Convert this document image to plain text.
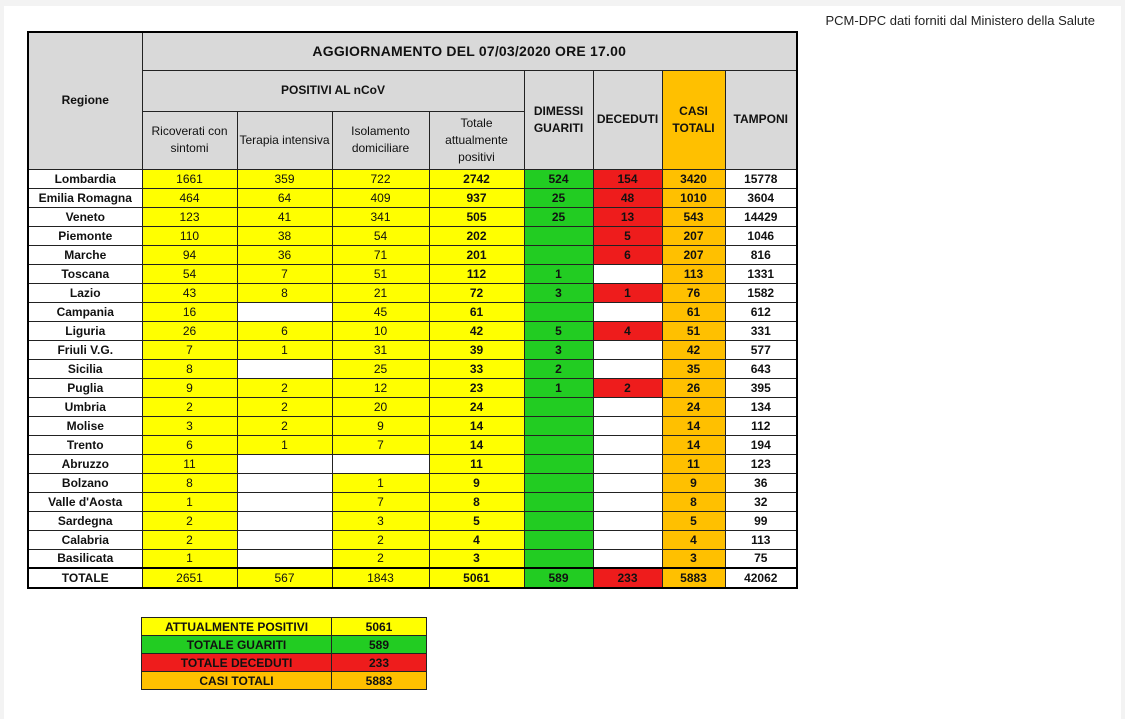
PCM-DPC dati forniti dal Ministero della Salute
Regione	AGGIORNAMENTO DEL 07/03/2020 ORE 17.00							
	POSITIVI AL nCoV				DIMESSI GUARITI	DECEDUTI	CASI TOTALI	TAMPONI
	Ricoverati con sintomi	Terapia intensiva	Isolamento domiciliare	Totale attualmente positivi				
Lombardia	1661	359	722	2742	524	154	3420	15778
Emilia Romagna	464	64	409	937	25	48	1010	3604
Veneto	123	41	341	505	25	13	543	14429
Piemonte	110	38	54	202		5	207	1046
Marche	94	36	71	201		6	207	816
Toscana	54	7	51	112	1		113	1331
Lazio	43	8	21	72	3	1	76	1582
Campania	16		45	61			61	612
Liguria	26	6	10	42	5	4	51	331
Friuli V.G.	7	1	31	39	3		42	577
Sicilia	8		25	33	2		35	643
Puglia	9	2	12	23	1	2	26	395
Umbria	2	2	20	24			24	134
Molise	3	2	9	14			14	112
Trento	6	1	7	14			14	194
Abruzzo	11			11			11	123
Bolzano	8		1	9			9	36
Valle d'Aosta	1		7	8			8	32
Sardegna	2		3	5			5	99
Calabria	2		2	4			4	113
Basilicata	1		2	3			3	75
TOTALE	2651	567	1843	5061	589	233	5883	42062
ATTUALMENTE POSITIVI	5061
TOTALE GUARITI	589
TOTALE DECEDUTI	233
CASI TOTALI	5883
